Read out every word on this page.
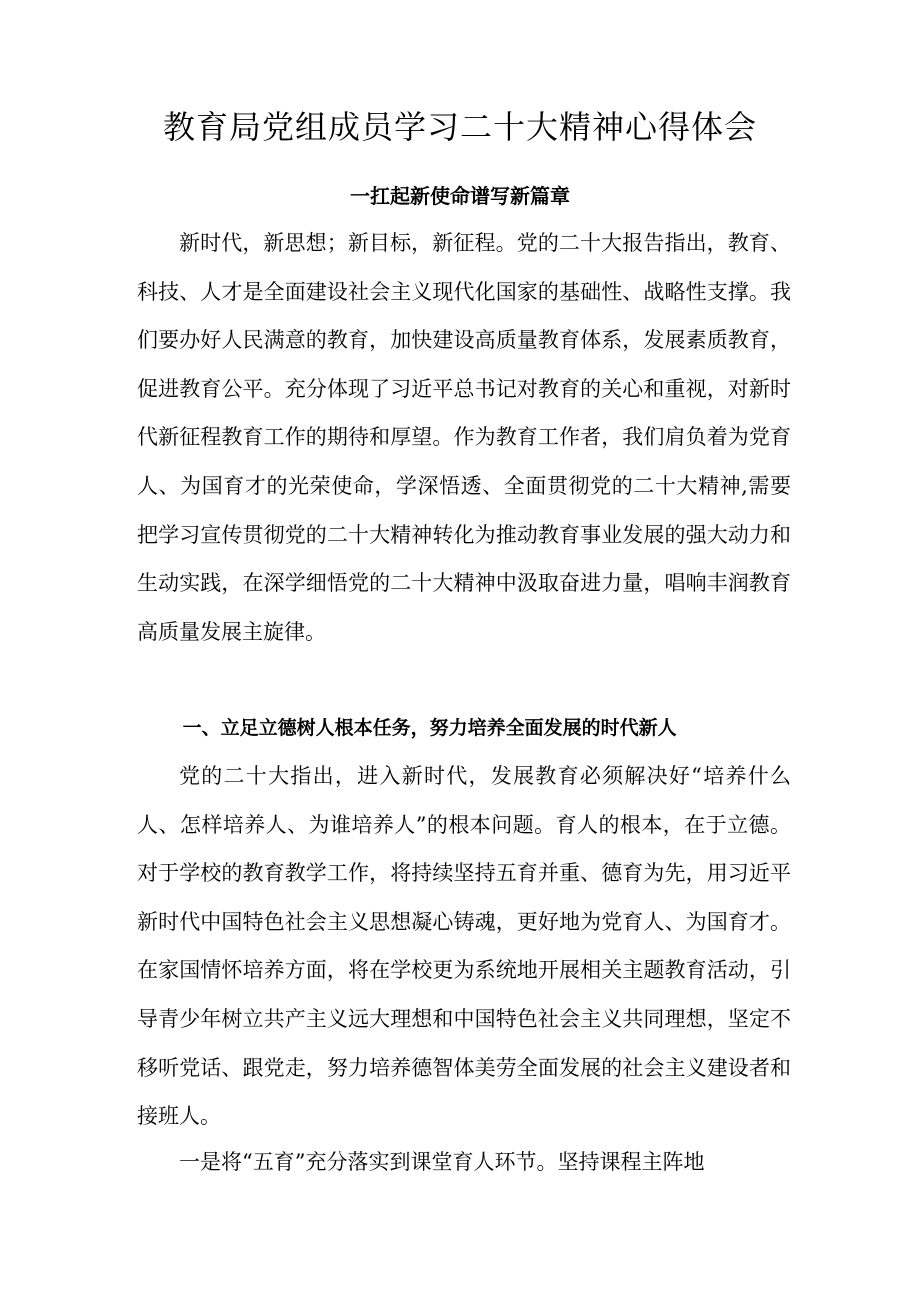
教育局党组成员学习二十大精神心得体会
一扛起新使命谱写新篇章

新时代，新思想；新目标，新征程。党的二十大报告指出，教育、科技、人才是全面建设社会主义现代化国家的基础性、战略性支撑。我们要办好人民满意的教育，加快建设高质量教育体系，发展素质教育，促进教育公平。充分体现了习近平总书记对教育的关心和重视，对新时代新征程教育工作的期待和厚望。作为教育工作者，我们肩负着为党育人、为国育才的光荣使命，学深悟透、全面贯彻党的二十大精神,需要把学习宣传贯彻党的二十大精神转化为推动教育事业发展的强大动力和生动实践，在深学细悟党的二十大精神中汲取奋进力量，唱响丰润教育高质量发展主旋律。

一、立足立德树人根本任务，努力培养全面发展的时代新人

党的二十大指出，进入新时代，发展教育必须解决好“培养什么人、怎样培养人、为谁培养人”的根本问题。育人的根本，在于立德。对于学校的教育教学工作，将持续坚持五育并重、德育为先，用习近平新时代中国特色社会主义思想凝心铸魂，更好地为党育人、为国育才。在家国情怀培养方面，将在学校更为系统地开展相关主题教育活动，引导青少年树立共产主义远大理想和中国特色社会主义共同理想，坚定不移听党话、跟党走，努力培养德智体美劳全面发展的社会主义建设者和接班人。

一是将“五育”充分落实到课堂育人环节。坚持课程主阵地
